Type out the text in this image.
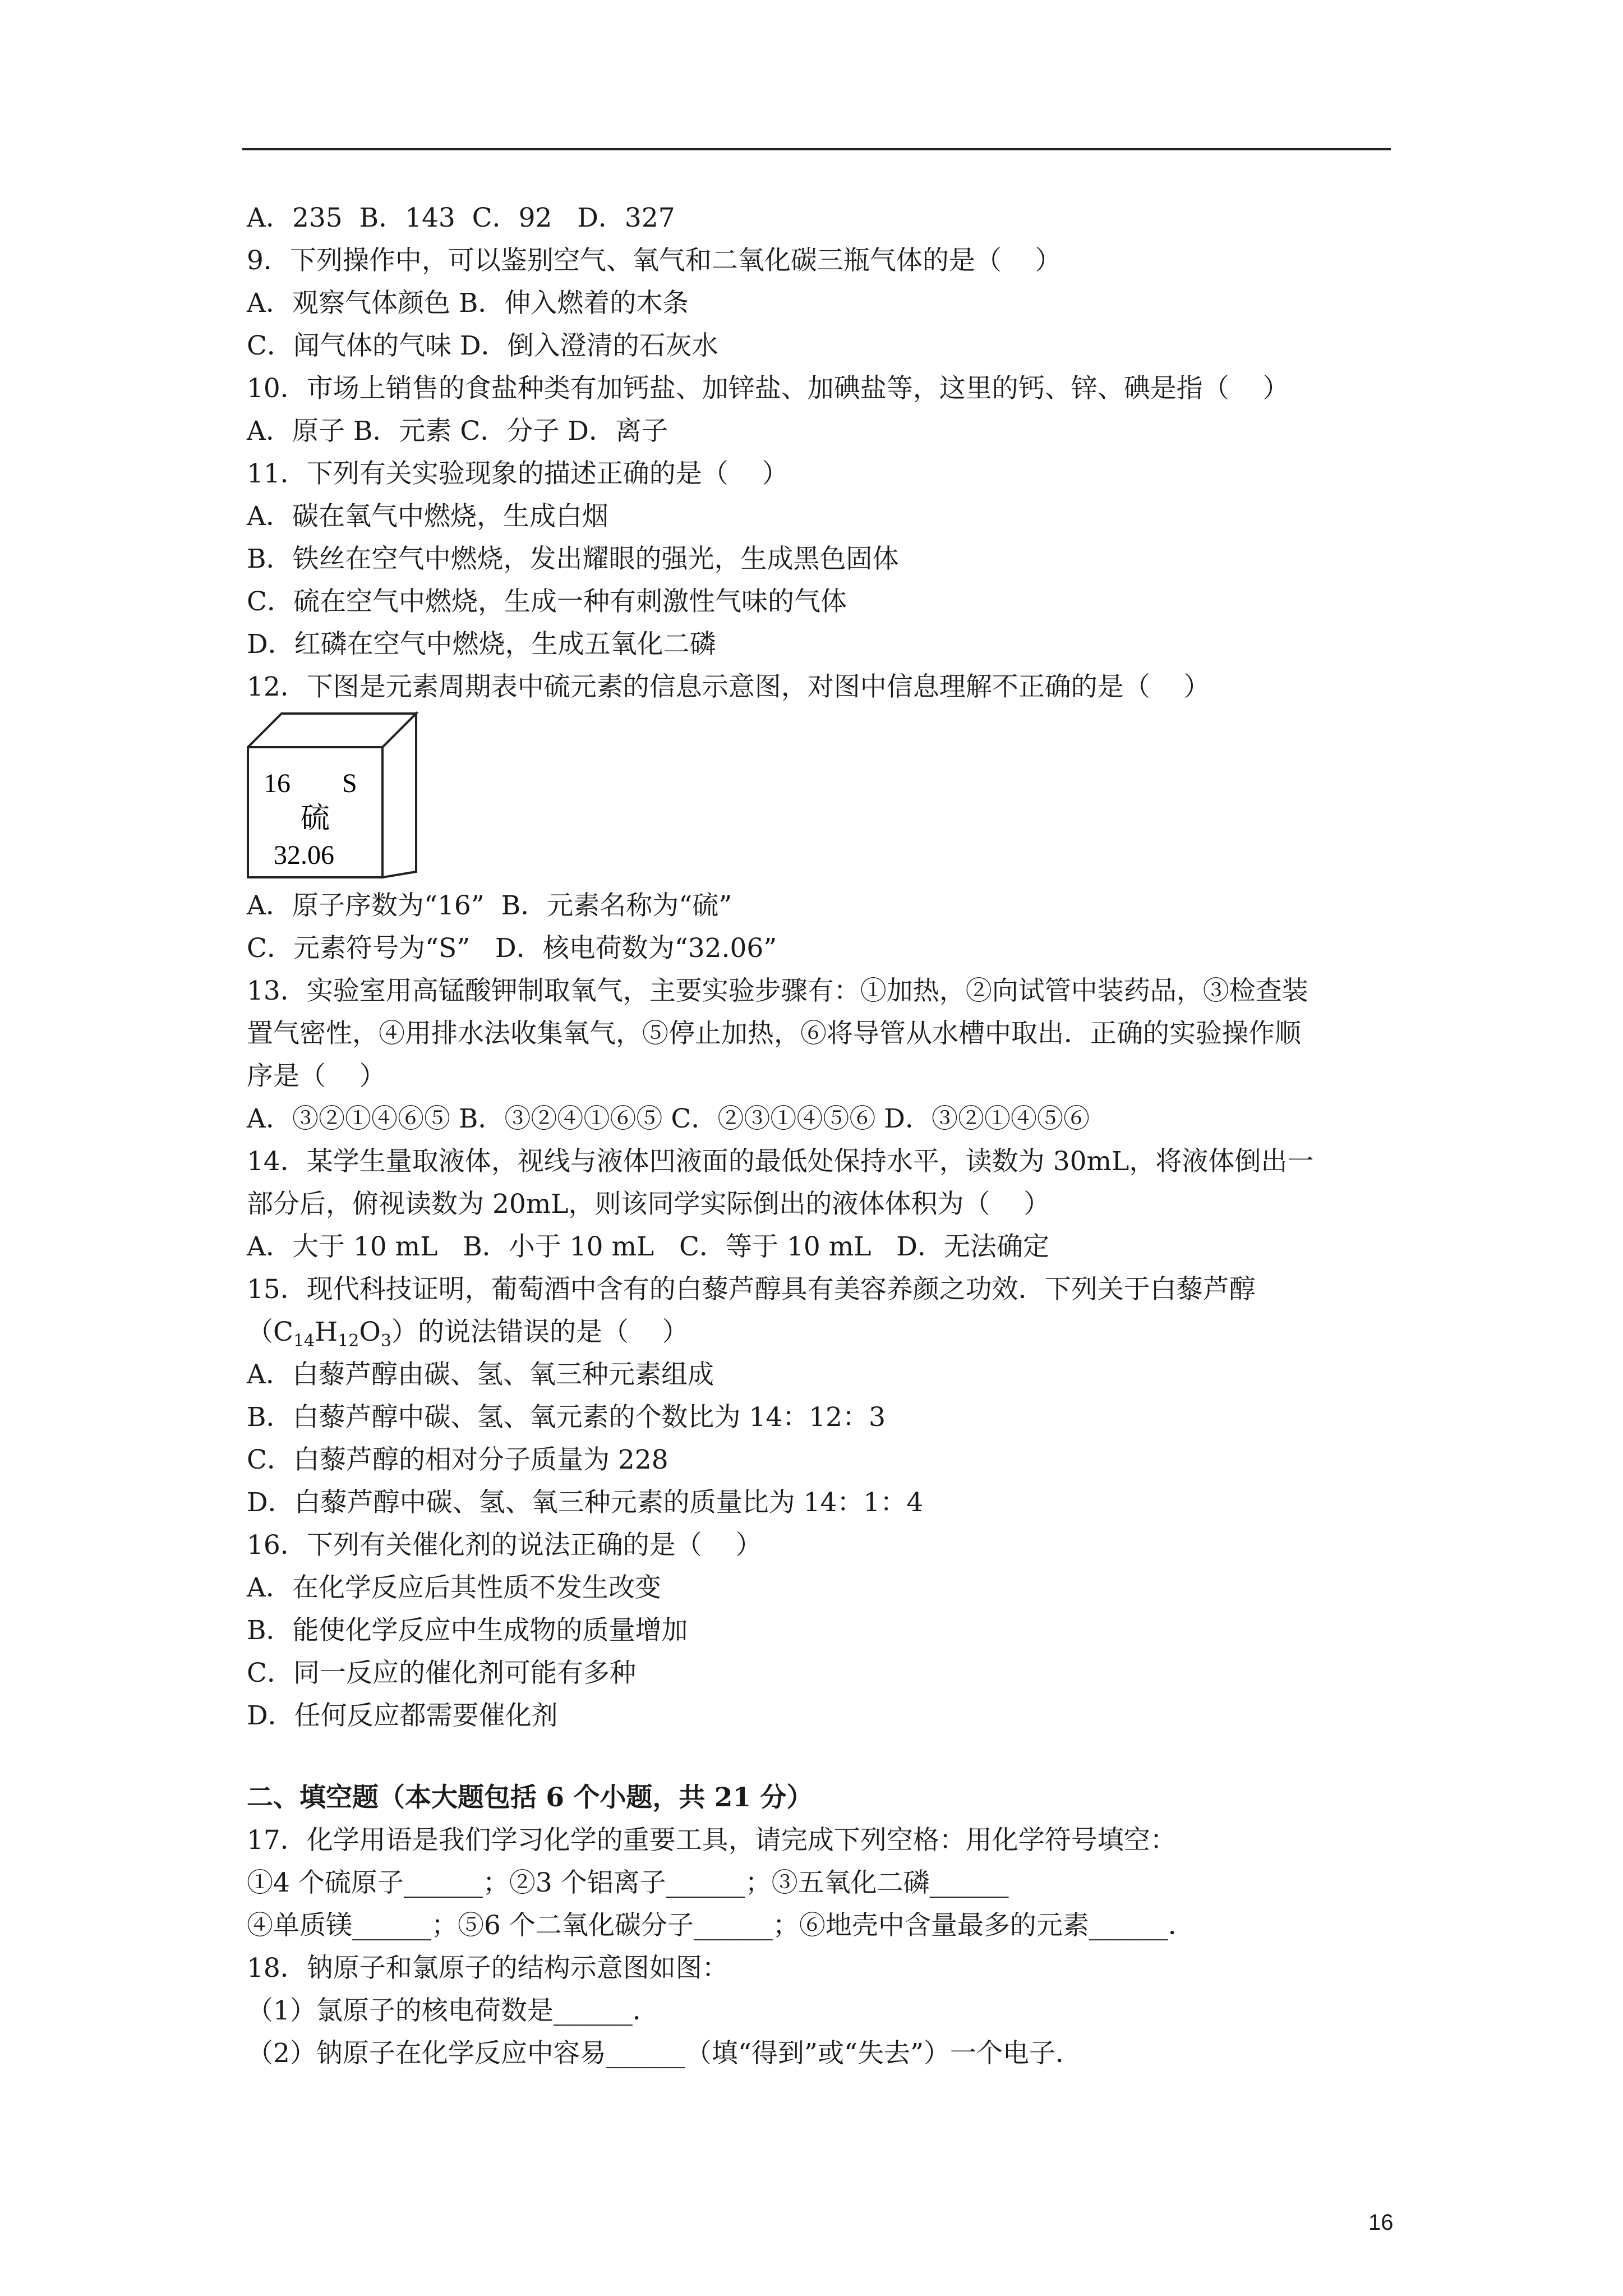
A．235  B．143  C．92   D．327
9．下列操作中，可以鉴别空气、氧气和二氧化碳三瓶气体的是（    ）
A．观察气体颜色 B．伸入燃着的木条
C．闻气体的气味 D．倒入澄清的石灰水
10．市场上销售的食盐种类有加钙盐、加锌盐、加碘盐等，这里的钙、锌、碘是指（    ）
A．原子 B．元素 C．分子 D．离子
11．下列有关实验现象的描述正确的是（    ）
A．碳在氧气中燃烧，生成白烟
B．铁丝在空气中燃烧，发出耀眼的强光，生成黑色固体
C．硫在空气中燃烧，生成一种有刺激性气味的气体
D．红磷在空气中燃烧，生成五氧化二磷
12．下图是元素周期表中硫元素的信息示意图，对图中信息理解不正确的是（    ）
16 S
硫
32.06
A．原子序数为“16”  B．元素名称为“硫”
C．元素符号为“S”   D．核电荷数为“32.06”
13．实验室用高锰酸钾制取氧气，主要实验步骤有：①加热，②向试管中装药品，③检查装
置气密性，④用排水法收集氧气，⑤停止加热，⑥将导管从水槽中取出．正确的实验操作顺
序是（    ）
A．③②①④⑥⑤ B．③②④①⑥⑤ C．②③①④⑤⑥ D．③②①④⑤⑥
14．某学生量取液体，视线与液体凹液面的最低处保持水平，读数为 30mL，将液体倒出一
部分后，俯视读数为 20mL，则该同学实际倒出的液体体积为（    ）
A．大于 10 mL   B．小于 10 mL   C．等于 10 mL   D．无法确定
15．现代科技证明，葡萄酒中含有的白藜芦醇具有美容养颜之功效．下列关于白藜芦醇
$(C_{14}H_{12}O_3)$的说法错误的是（    ）
A．白藜芦醇由碳、氢、氧三种元素组成
B．白藜芦醇中碳、氢、氧元素的个数比为 14：12：3
C．白藜芦醇的相对分子质量为 228
D．白藜芦醇中碳、氢、氧三种元素的质量比为 14：1：4
16．下列有关催化剂的说法正确的是（    ）
A．在化学反应后其性质不发生改变
B．能使化学反应中生成物的质量增加
C．同一反应的催化剂可能有多种
D．任何反应都需要催化剂
二、填空题（本大题包括 6 个小题，共 21 分）
17．化学用语是我们学习化学的重要工具，请完成下列空格：用化学符号填空：
①4 个硫原子______；②3 个铝离子______；③五氧化二磷______
④单质镁______；⑤6 个二氧化碳分子______；⑥地壳中含量最多的元素______．
18．钠原子和氯原子的结构示意图如图：
（1）氯原子的核电荷数是______．
（2）钠原子在化学反应中容易______（填“得到”或“失去”）一个电子．
16
